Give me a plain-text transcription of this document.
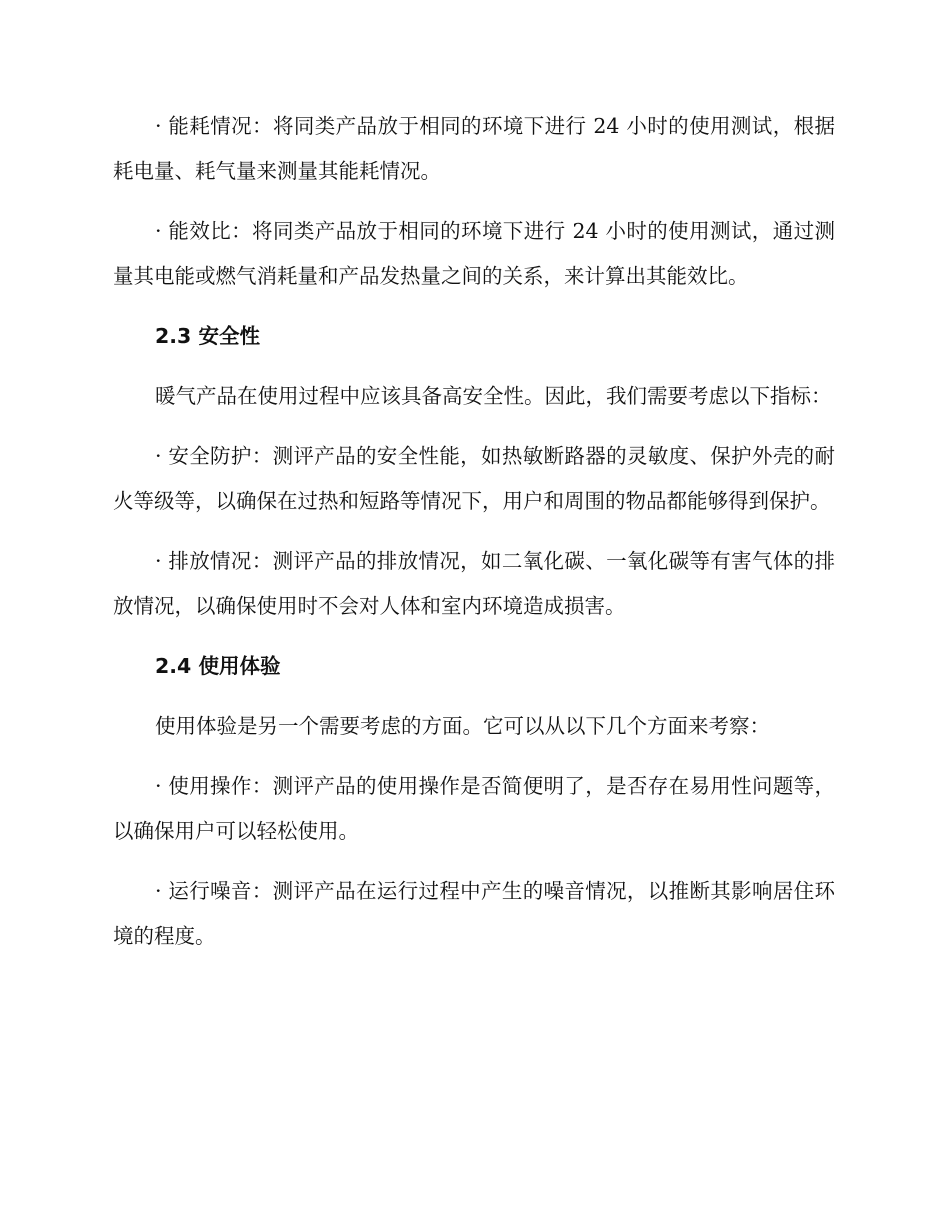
· 能耗情况：将同类产品放于相同的环境下进行 24 小时的使用测试，根据耗电量、耗气量来测量其能耗情况。

· 能效比：将同类产品放于相同的环境下进行 24 小时的使用测试，通过测量其电能或燃气消耗量和产品发热量之间的关系，来计算出其能效比。

2.3 安全性

暖气产品在使用过程中应该具备高安全性。因此，我们需要考虑以下指标：

· 安全防护：测评产品的安全性能，如热敏断路器的灵敏度、保护外壳的耐火等级等，以确保在过热和短路等情况下，用户和周围的物品都能够得到保护。

· 排放情况：测评产品的排放情况，如二氧化碳、一氧化碳等有害气体的排放情况，以确保使用时不会对人体和室内环境造成损害。

2.4 使用体验

使用体验是另一个需要考虑的方面。它可以从以下几个方面来考察：

· 使用操作：测评产品的使用操作是否简便明了，是否存在易用性问题等，以确保用户可以轻松使用。

· 运行噪音：测评产品在运行过程中产生的噪音情况，以推断其影响居住环境的程度。
